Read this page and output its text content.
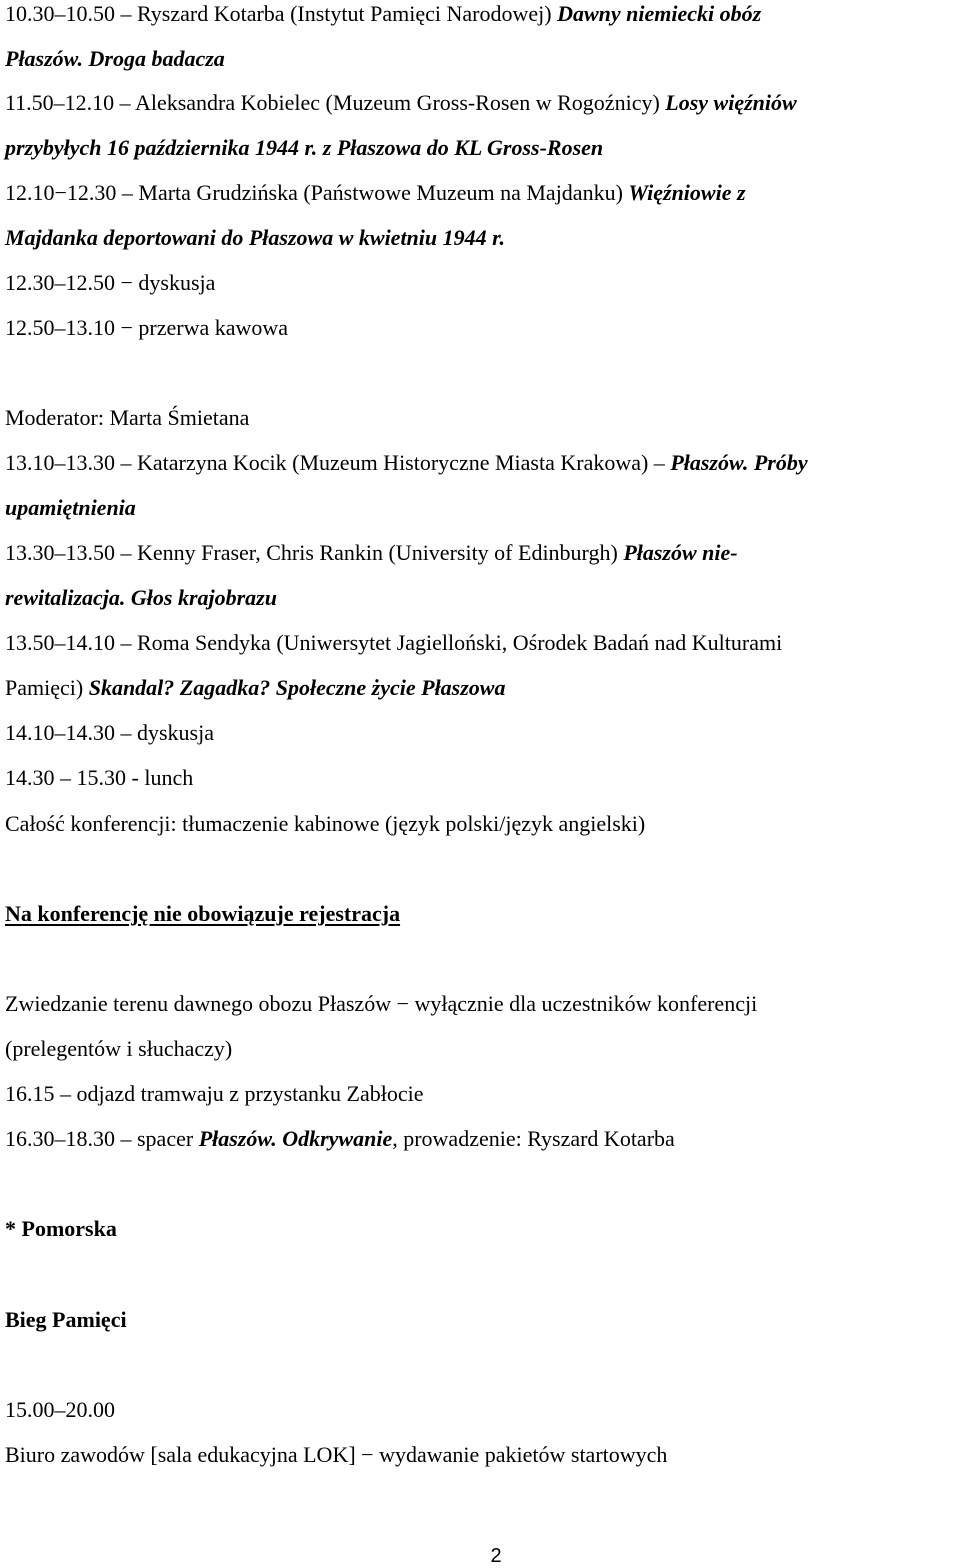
10.30–10.50 – Ryszard Kotarba (Instytut Pamięci Narodowej) Dawny niemiecki obóz
Płaszów. Droga badacza
11.50–12.10 – Aleksandra Kobielec (Muzeum Gross-Rosen w Rogoźnicy) Losy więźniów
przybyłych 16 października 1944 r. z Płaszowa do KL Gross-Rosen
12.10−12.30 – Marta Grudzińska (Państwowe Muzeum na Majdanku) Więźniowie z
Majdanka deportowani do Płaszowa w kwietniu 1944 r.
12.30–12.50 − dyskusja
12.50–13.10 − przerwa kawowa
Moderator: Marta Śmietana
13.10–13.30 – Katarzyna Kocik (Muzeum Historyczne Miasta Krakowa) – Płaszów. Próby
upamiętnienia
13.30–13.50 – Kenny Fraser, Chris Rankin (University of Edinburgh) Płaszów nie-
rewitalizacja. Głos krajobrazu
13.50–14.10 – Roma Sendyka (Uniwersytet Jagielloński, Ośrodek Badań nad Kulturami
Pamięci) Skandal? Zagadka? Społeczne życie Płaszowa
14.10–14.30 – dyskusja
14.30 – 15.30 - lunch
Całość konferencji: tłumaczenie kabinowe (język polski/język angielski)
Na konferencję nie obowiązuje rejestracja
Zwiedzanie terenu dawnego obozu Płaszów − wyłącznie dla uczestników konferencji
(prelegentów i słuchaczy)
16.15 – odjazd tramwaju z przystanku Zabłocie
16.30–18.30 – spacer Płaszów. Odkrywanie, prowadzenie: Ryszard Kotarba
* Pomorska
Bieg Pamięci
15.00–20.00
Biuro zawodów [sala edukacyjna LOK] − wydawanie pakietów startowych
2
